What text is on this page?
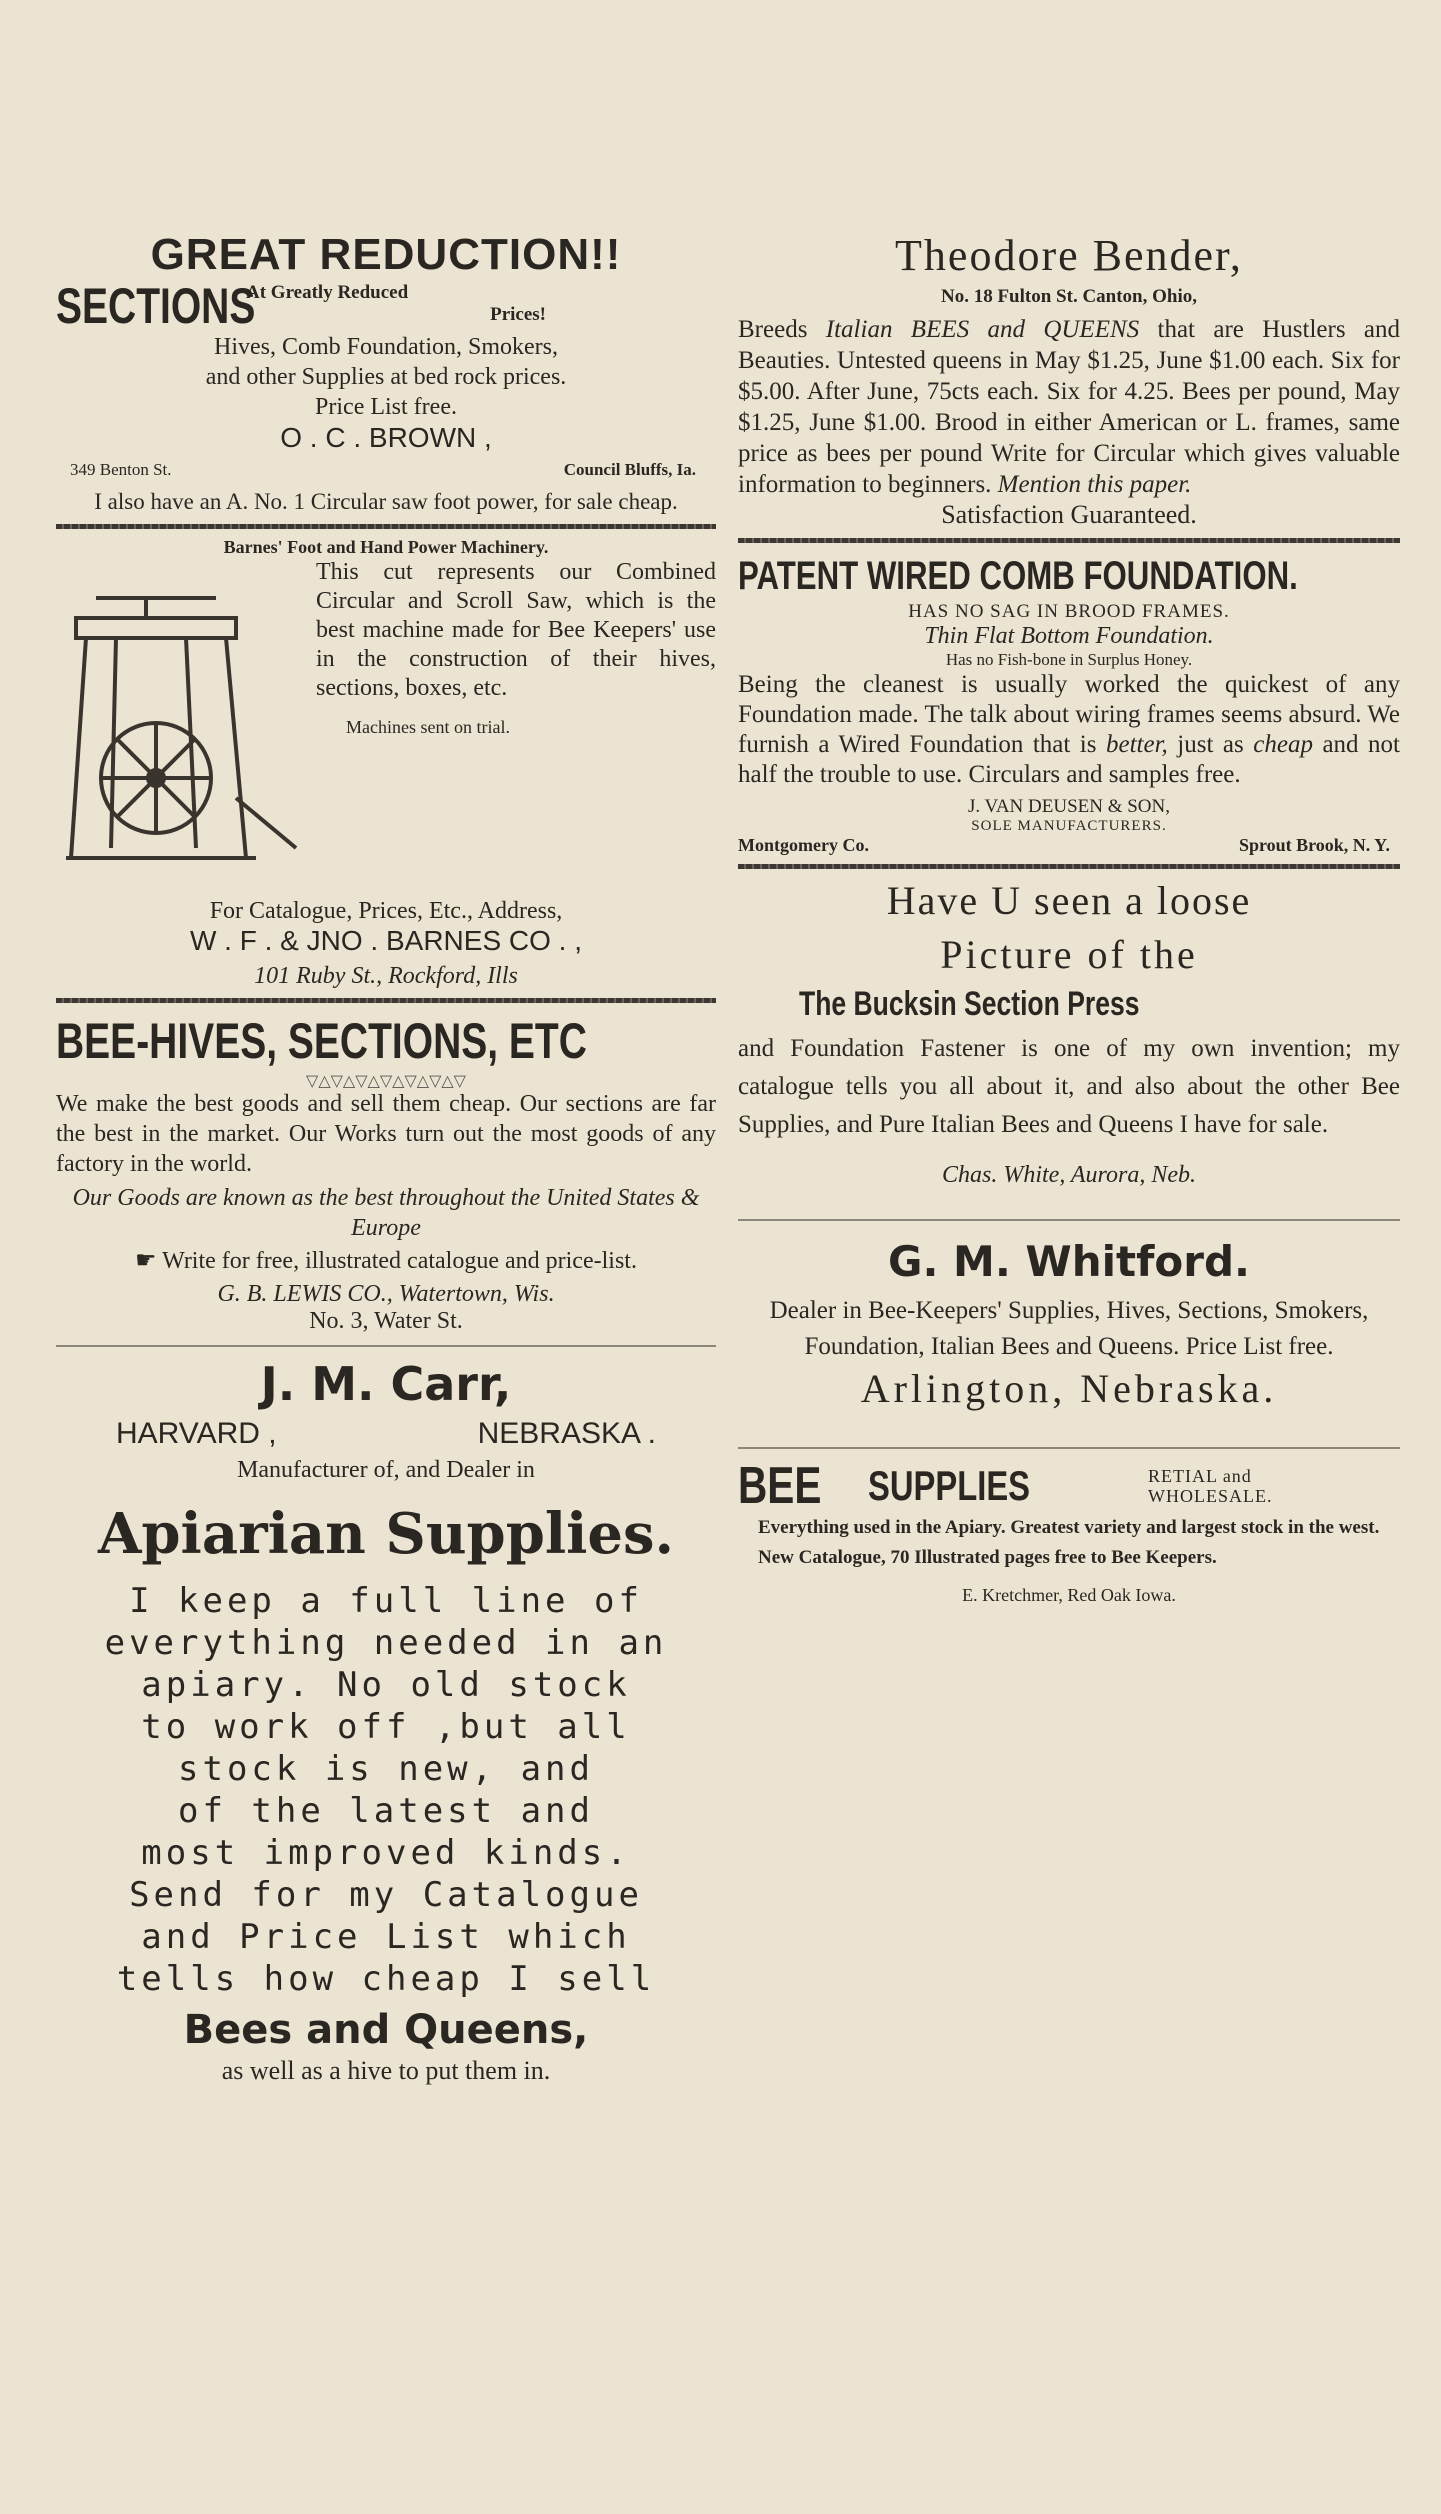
GREAT REDUCTION!!
SECTIONS
At Greatly Reduced
Prices!
Hives, Comb Foundation, Smokers,
and other Supplies at bed rock prices.
Price List free.
O . C . BROWN ,
349 Benton St.	Council Bluffs, Ia.

I also have an A. No. 1 Circular saw foot power, for sale cheap.

Barnes' Foot and Hand Power Machinery.

This cut represents our Combined Circular and Scroll Saw, which is the best machine made for Bee Keepers' use in the construction of their hives, sections, boxes, etc.

Machines sent on trial.
For Catalogue, Prices, Etc., Address,
W . F . & JNO . BARNES CO . ,
101 Ruby St., Rockford, Ills
BEE-HIVES, SECTIONS, ETC
▽△▽△▽△▽△▽△▽△▽

We make the best goods and sell them cheap. Our sections are far the best in the market. Our Works turn out the most goods of any factory in the world.

Our Goods are known as the best throughout the United States & Europe

☛ Write for free, illustrated catalogue and price-list.

G. B. LEWIS CO., Watertown, Wis.
No. 3, Water St.
J. M. Carr,
HARVARD ,	NEBRASKA .
Manufacturer of, and Dealer in
Apiarian Supplies.
I keep a full line of
everything needed in an
apiary. No old stock
to work off ,but all
stock is new, and
of the latest and
most improved kinds.
Send for my Catalogue
and Price List which
tells how cheap I sell
Bees and Queens,
as well as a hive to put them in.
Theodore Bender,
No. 18 Fulton St. Canton, Ohio,

Breeds Italian BEES and QUEENS that are Hustlers and Beauties. Untested queens in May $1.25, June $1.00 each. Six for $5.00. After June, 75cts each. Six for 4.25. Bees per pound, May $1.25, June $1.00. Brood in either American or L. frames, same price as bees per pound Write for Circular which gives valuable information to beginners. Mention this paper.

Satisfaction Guaranteed.
PATENT WIRED COMB FOUNDATION.
HAS NO SAG IN BROOD FRAMES.
Thin Flat Bottom Foundation.
Has no Fish-bone in Surplus Honey.

Being the cleanest is usually worked the quickest of any Foundation made. The talk about wiring frames seems absurd. We furnish a Wired Foundation that is better, just as cheap and not half the trouble to use. Circulars and samples free.

J. VAN DEUSEN & SON,
SOLE MANUFACTURERS.
Montgomery Co.	Sprout Brook, N. Y.
Have U seen a loose
Picture of the
The Bucksin Section Press

and Foundation Fastener is one of my own invention; my catalogue tells you all about it, and also about the other Bee Supplies, and Pure Italian Bees and Queens I have for sale.

Chas. White, Aurora, Neb.
G. M. Whitford.

Dealer in Bee-Keepers' Supplies, Hives, Sections, Smokers, Foundation, Italian Bees and Queens. Price List free.

Arlington, Nebraska.
BEE	SUPPLIES	RETIAL and
WHOLESALE.

Everything used in the Apiary. Greatest variety and largest stock in the west. New Catalogue, 70 Illustrated pages free to Bee Keepers.

E. Kretchmer, Red Oak Iowa.
